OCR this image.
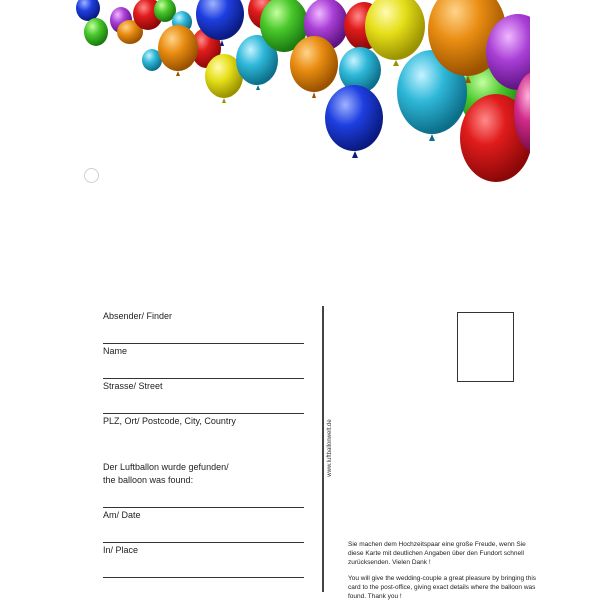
Absender/ Finder
Name
Strasse/ Street
PLZ, Ort/ Postcode, City, Country
Der Luftballon wurde gefunden/
the balloon was found:
Am/ Date
In/ Place
www.luftballonwelt.de

Sie machen dem Hochzeitspaar eine große Freude, wenn Sie diese Karte mit deutlichen Angaben über den Fundort schnell zurücksenden. Vielen Dank !

You will give the wedding-couple a great pleasure by bringing this card to the post-office, giving exact details where the balloon was found. Thank you !
